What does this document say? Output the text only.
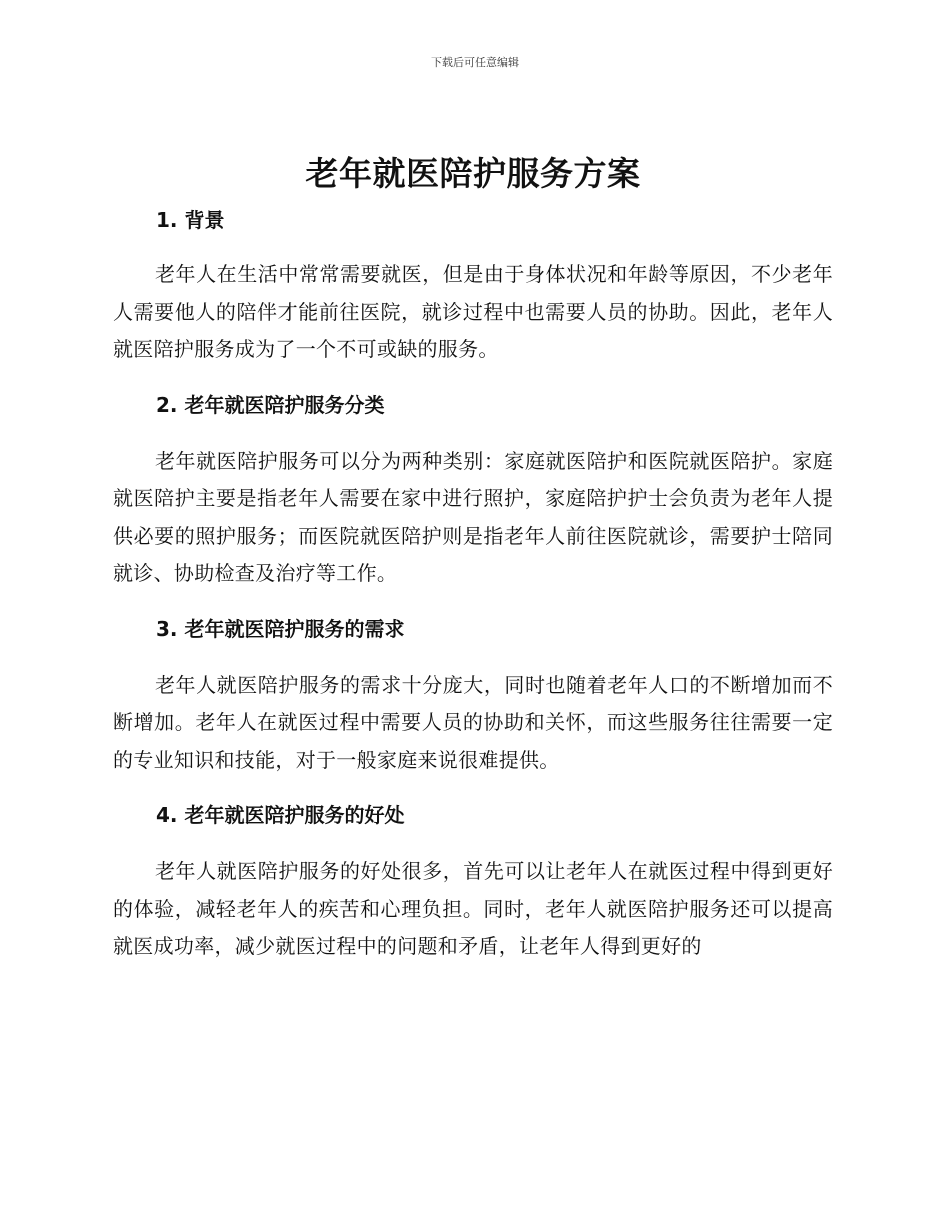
下载后可任意编辑
老年就医陪护服务方案
1. 背景

老年人在生活中常常需要就医，但是由于身体状况和年龄等原因，不少老年人需要他人的陪伴才能前往医院，就诊过程中也需要人员的协助。因此，老年人就医陪护服务成为了一个不可或缺的服务。

2. 老年就医陪护服务分类

老年就医陪护服务可以分为两种类别：家庭就医陪护和医院就医陪护。家庭就医陪护主要是指老年人需要在家中进行照护，家庭陪护护士会负责为老年人提供必要的照护服务；而医院就医陪护则是指老年人前往医院就诊，需要护士陪同就诊、协助检查及治疗等工作。

3. 老年就医陪护服务的需求

老年人就医陪护服务的需求十分庞大，同时也随着老年人口的不断增加而不断增加。老年人在就医过程中需要人员的协助和关怀，而这些服务往往需要一定的专业知识和技能，对于一般家庭来说很难提供。

4. 老年就医陪护服务的好处

老年人就医陪护服务的好处很多，首先可以让老年人在就医过程中得到更好的体验，减轻老年人的疾苦和心理负担。同时，老年人就医陪护服务还可以提高就医成功率，减少就医过程中的问题和矛盾，让老年人得到更好的
